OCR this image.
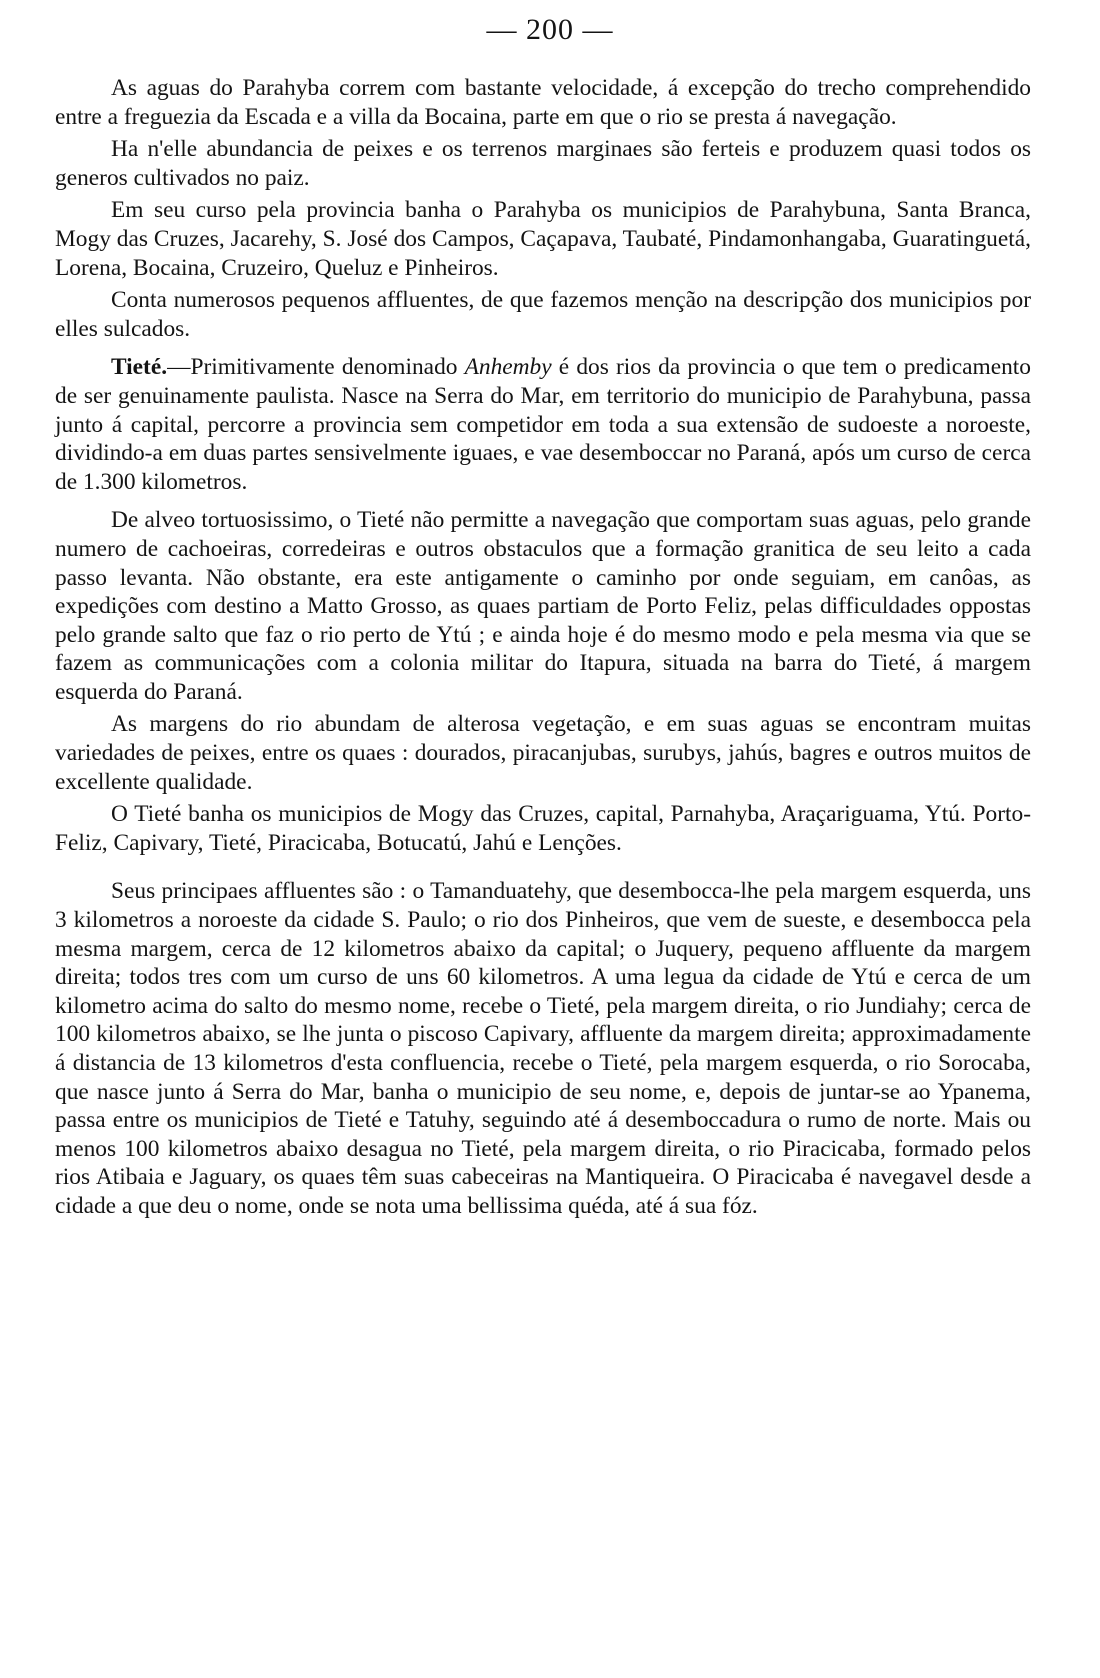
— 200 —

As aguas do Parahyba correm com bastante velocidade, á excepção do trecho comprehendido entre a freguezia da Escada e a villa da Bocaina, parte em que o rio se presta á navegação.

Ha n'elle abundancia de peixes e os terrenos marginaes são ferteis e produzem quasi todos os generos cultivados no paiz.

Em seu curso pela provincia banha o Parahyba os municipios de Parahybuna, Santa Branca, Mogy das Cruzes, Jacarehy, S. José dos Campos, Caçapava, Taubaté, Pindamonhangaba, Guaratinguetá, Lorena, Bocaina, Cruzeiro, Queluz e Pinheiros.

Conta numerosos pequenos affluentes, de que fazemos menção na descripção dos municipios por elles sulcados.

Tieté.—Primitivamente denominado Anhemby é dos rios da provincia o que tem o predicamento de ser genuinamente paulista. Nasce na Serra do Mar, em territorio do municipio de Parahybuna, passa junto á capital, percorre a provincia sem competidor em toda a sua extensão de sudoeste a noroeste, dividindo-a em duas partes sensivelmente iguaes, e vae desemboccar no Paraná, após um curso de cerca de 1.300 kilometros.

De alveo tortuosissimo, o Tieté não permitte a navegação que comportam suas aguas, pelo grande numero de cachoeiras, corredeiras e outros obstaculos que a formação granitica de seu leito a cada passo levanta. Não obstante, era este antigamente o caminho por onde seguiam, em canôas, as expedições com destino a Matto Grosso, as quaes partiam de Porto Feliz, pelas difficuldades oppostas pelo grande salto que faz o rio perto de Ytú ; e ainda hoje é do mesmo modo e pela mesma via que se fazem as communicações com a colonia militar do Itapura, situada na barra do Tieté, á margem esquerda do Paraná.

As margens do rio abundam de alterosa vegetação, e em suas aguas se encontram muitas variedades de peixes, entre os quaes : dourados, piracanjubas, surubys, jahús, bagres e outros muitos de excellente qualidade.

O Tieté banha os municipios de Mogy das Cruzes, capital, Parnahyba, Araçariguama, Ytú. Porto-Feliz, Capivary, Tieté, Piracicaba, Botucatú, Jahú e Lenções.

Seus principaes affluentes são : o Tamanduatehy, que desembocca-lhe pela margem esquerda, uns 3 kilometros a noroeste da cidade S. Paulo; o rio dos Pinheiros, que vem de sueste, e desembocca pela mesma margem, cerca de 12 kilometros abaixo da capital; o Juquery, pequeno affluente da margem direita; todos tres com um curso de uns 60 kilometros. A uma legua da cidade de Ytú e cerca de um kilometro acima do salto do mesmo nome, recebe o Tieté, pela margem direita, o rio Jundiahy; cerca de 100 kilometros abaixo, se lhe junta o piscoso Capivary, affluente da margem direita; approximadamente á distancia de 13 kilometros d'esta confluencia, recebe o Tieté, pela margem esquerda, o rio Sorocaba, que nasce junto á Serra do Mar, banha o municipio de seu nome, e, depois de juntar-se ao Ypanema, passa entre os municipios de Tieté e Tatuhy, seguindo até á desemboccadura o rumo de norte. Mais ou menos 100 kilometros abaixo desagua no Tieté, pela margem direita, o rio Piracicaba, formado pelos rios Atibaia e Jaguary, os quaes têm suas cabeceiras na Mantiqueira. O Piracicaba é navegavel desde a cidade a que deu o nome, onde se nota uma bellissima quéda, até á sua fóz.
